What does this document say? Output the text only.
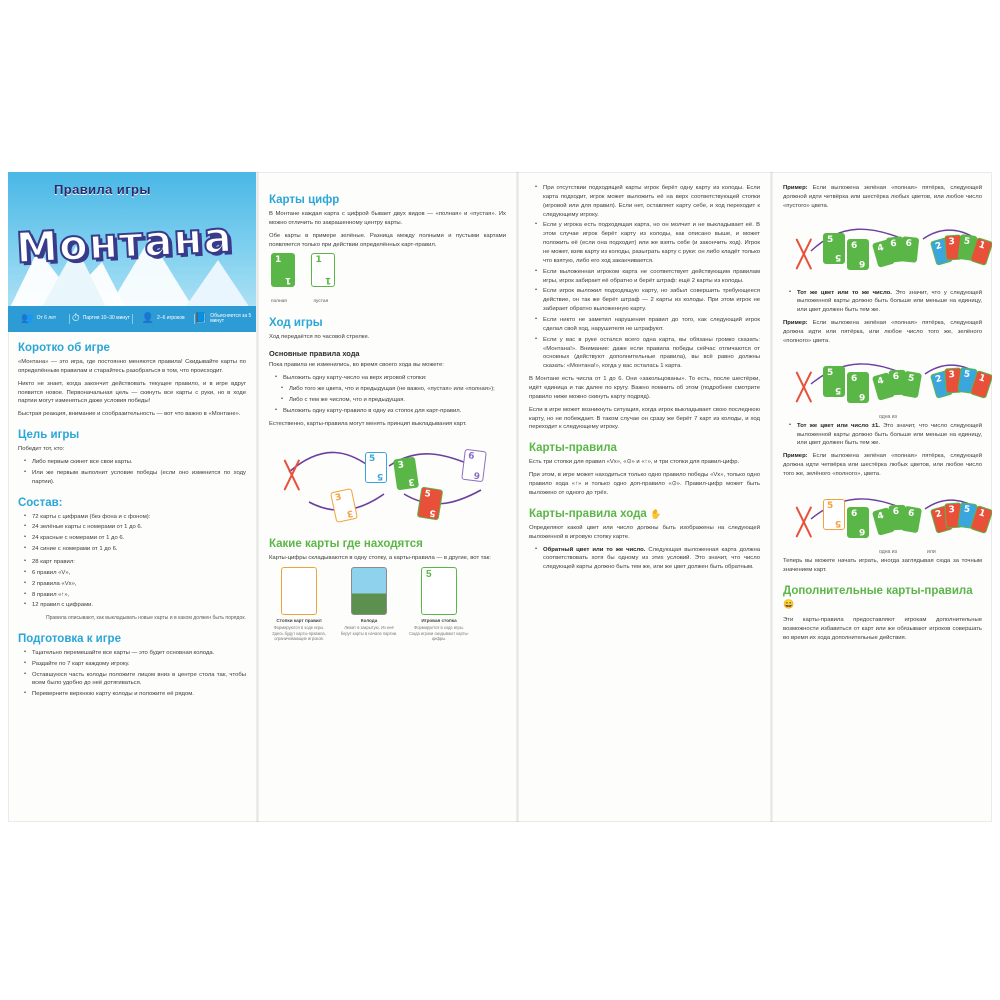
Правила игры
Монтана
👥 От 6 лет ⏱ Партия 10–30 минут 👤 2–6 игроков 📘 Объясняется за 5 минут
Коротко об игре

«Монтана» — это игра, где постоянно меняются правила! Скидывайте карты по определённым правилам и старайтесь разобраться в том, что происходит.

Никто не знает, когда закончит действовать текущее правило, и в игре вдруг появится новое. Первоначальная цель — скинуть все карты с руки, но в ходе партии могут изменяться даже условия победы!

Быстрая реакция, внимание и сообразительность — вот что важно в «Монтане».

Цель игры

Победит тот, кто:

• Либо первым скинет все свои карты.
• Или же первым выполнит условие победы (если оно изменится по ходу партии).
Состав:
• 72 карты с цифрами (без фона и с фоном):
• 24 зелёные карты с номерами от 1 до 6.
• 24 красные с номерами от 1 до 6.
• 24 синие с номерами от 1 до 6.
• 28 карт правил:
• 6 правил «V»,
• 2 правила «Vx»,
• 8 правил «↑»,
• 12 правил с цифрами.

Правила описывают, как выкладывать новые карты и в каком должен быть порядок.

Подготовка к игре
• Тщательно перемешайте все карты — это будет основная колода.
• Раздайте по 7 карт каждому игроку.
• Оставшуюся часть колоды положите лицом вниз в центре стола так, чтобы всем было удобно до неё дотягиваться.
• Переверните верхнюю карту колоды и положите её рядом.
Карты цифр

В Монтане каждая карта с цифрой бывает двух видов — «полная» и «пустая». Их можно отличить по закрашенному центру карты.

Обе карты в примере зелёные. Разница между полными и пустыми картами появляется только при действии определённых карт-правил.

1
1

1
1
полная	пустая
Ход игры

Ход передаётся по часовой стрелке.

Основные правила хода

Пока правила не изменились, во время своего хода вы можете:

• Выложить одну карту-число на верх игровой стопки:
• Либо того же цвета, что и предыдущая (не важно, «пустая» или «полная»);
• Либо с тем же числом, что и предыдущая.
• Выложить одну карту-правило в одну из стопок для карт-правил.

Естественно, карты-правила могут менять принцип выкладывания карт.

5
5
3
3
6
6
3
3
5
5
Какие карты где находятся

Карты-цифры складываются в одну стопку, а карты-правила — в другие, вот так:

Стопки карт правил
Формируются в ходе игры. Здесь будут карты-правила, ограничивающие игроков.
Колода
Лежит в закрытую. Из неё берут карты в начале партии.
5
Игровая стопка
Формируется в ходе игры. Сюда игроки скидывают карты-цифры.
• При отсутствии подходящей карты игрок берёт одну карту из колоды. Если карта подходит, игрок может выложить её на верх соответствующей стопки (игровой или для правил). Если нет, оставляет карту себе, и ход переходит к следующему игроку.
• Если у игрока есть подходящая карта, но он молчит и не выкладывает её. В этом случае игрок берёт карту из колоды, как описано выше, и может положить её (если она подходит) или же взять себе (и закончить ход). Игрок не может, взяв карту из колоды, разыграть карту с руки: он либо кладёт только что взятую, либо его ход заканчивается.
• Если выложенная игроком карта не соответствует действующим правилам игры, игрок забирает её обратно и берёт штраф: ещё 2 карты из колоды.
• Если игрок выложил подходящую карту, но забыл совершить требующееся действие, он так же берёт штраф — 2 карты из колоды. При этом игрок не забирает обратно выложенную карту.
• Если никто не заметил нарушения правил до того, как следующий игрок сделал свой ход, нарушителя не штрафуют.
• Если у вас в руке остался всего одна карта, вы обязаны громко сказать: «Монтана!». Внимание: даже если правила победы сейчас отличаются от основных (действуют дополнительные правила), вы всё равно должны сказать: «Монтана!», когда у вас осталась 1 карта.

В Монтане есть числа от 1 до 6. Они «закольцованы». То есть, после шестёрки, идёт единица и так далее по кругу. Важно помнить об этом (подробнее смотрите правило ниже можно скинуть карту подряд).

Если в игре может возникнуть ситуация, когда игрок выкладывает свою последнюю карту, но не побеждает. В таком случае он сразу же берёт 7 карт из колоды, и ход переходит к следующему игроку.

Карты-правила

Есть три стопки для правил «Vx», «⊙» и «↑», и три стопки для правил-цифр.

При этом, в игре может находиться только одно правило победы «Vx», только одно правило хода «↑» и только одно доп-правило «⊙». Правил-цифр может быть выложено от одного до трёх.

Карты-правила хода ✋

Определяют какой цвет или число должны быть изображены на следующей выложенной в игровую стопку карте.

• Обратный цвет или то же число. Следующая выложенная карта должна соответствовать хотя бы одному из этих условий. Это значит, что число следующей карты должно быть тем же, или же цвет должен быть обратным.

Пример: Если выложена зелёная «полная» пятёрка, следующей должной идти четвёрка или шестёрка любых цветов, или любое число «пустого» цвета.

5
5
6
6
4 6 6 2 3 5 1
• Тот же цвет или то же число. Это значит, что у следующей выложенной карты должно быть больше или меньше на единицу, или цвет должен быть тем же.

Пример: Если выложена зелёная «полная» пятёрка, следующей должна идти или пятёрка, или любое число того же, зелёного «полного» цвета.

5
5
6
6
4 6 5 2 3 5 1
одна из
• Тот же цвет или число ±1. Это значит, что число следующей выложенной карты должно быть больше или меньше на единицу, или цвет должен быть тем же.

Пример: Если выложена зелёная «полная» пятёрка, следующей должна идти четвёрка или шестёрка любых цветов, или любое число того же, зелёного «полного», цвета.

5
5
6
6
4 6 6 2 3 5 1
одна из	или

Теперь вы можете начать играть, иногда заглядывая сюда за точным значением карт.

Дополнительные карты-правила 😀

Эти карты-правила предоставляют игрокам дополнительные возможности избавиться от карт или же обязывают игроков совершать во время их хода дополнительные действия.
